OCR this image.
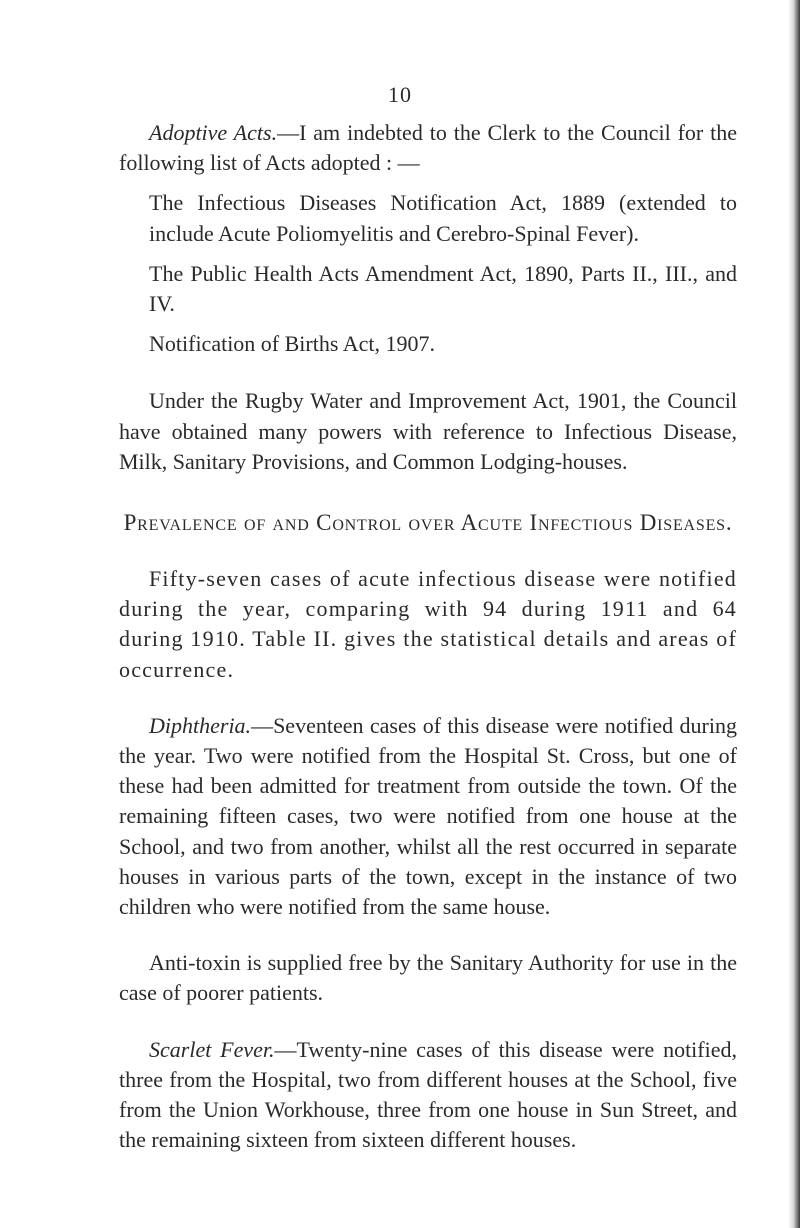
10

Adoptive Acts.—I am indebted to the Clerk to the Council for the following list of Acts adopted : —

The Infectious Diseases Notification Act, 1889 (extended to include Acute Poliomyelitis and Cerebro-Spinal Fever).

The Public Health Acts Amendment Act, 1890, Parts II., III., and IV.

Notification of Births Act, 1907.

Under the Rugby Water and Improvement Act, 1901, the Council have obtained many powers with reference to Infectious Disease, Milk, Sanitary Provisions, and Common Lodging-houses.

Prevalence of and Control over Acute Infectious Diseases.

Fifty-seven cases of acute infectious disease were notified during the year, comparing with 94 during 1911 and 64 during 1910. Table II. gives the statistical details and areas of occurrence.

Diphtheria.—Seventeen cases of this disease were notified during the year. Two were notified from the Hospital St. Cross, but one of these had been admitted for treatment from outside the town. Of the remaining fifteen cases, two were notified from one house at the School, and two from another, whilst all the rest occurred in separate houses in various parts of the town, except in the instance of two children who were notified from the same house.

Anti-toxin is supplied free by the Sanitary Authority for use in the case of poorer patients.

Scarlet Fever.—Twenty-nine cases of this disease were notified, three from the Hospital, two from different houses at the School, five from the Union Workhouse, three from one house in Sun Street, and the remaining sixteen from sixteen different houses.
